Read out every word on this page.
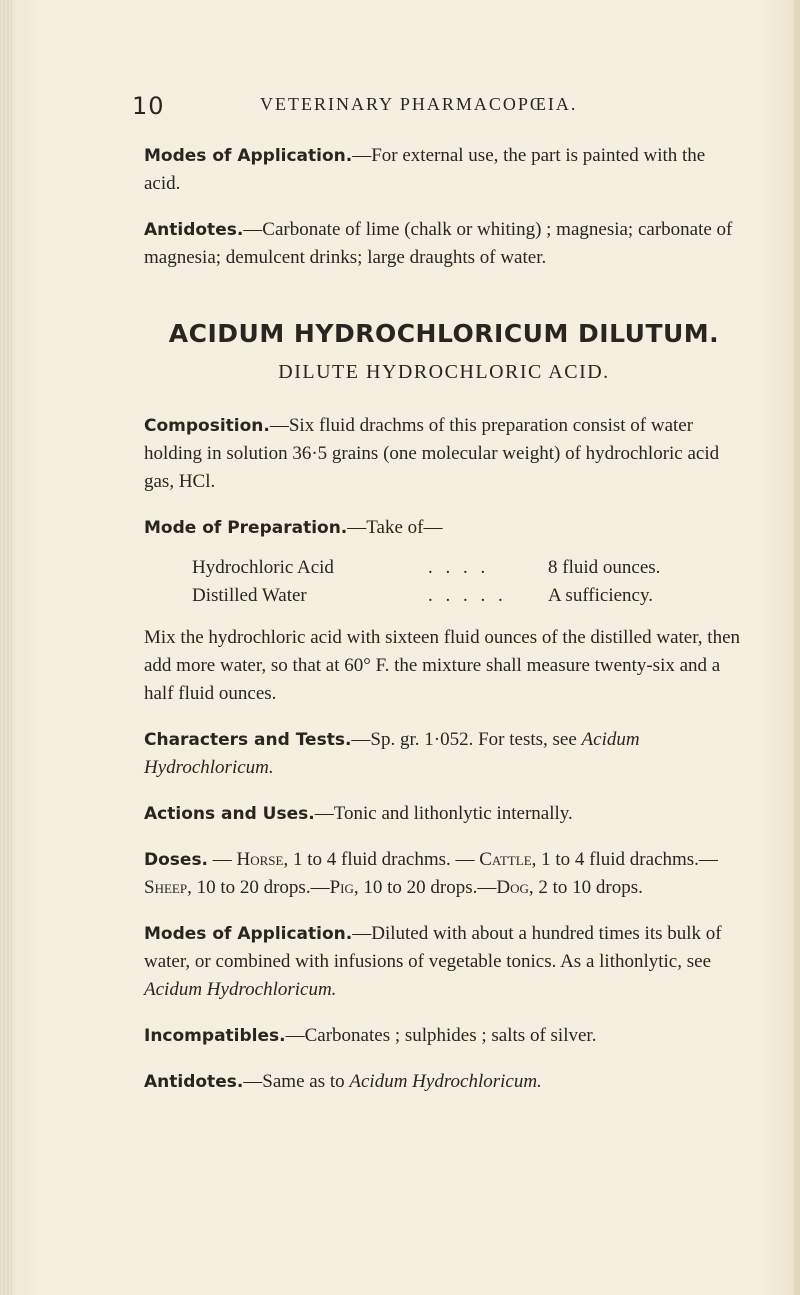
10	VETERINARY PHARMACOPŒIA.

Modes of Application.—For external use, the part is painted with the acid.

Antidotes.—Carbonate of lime (chalk or whiting) ; magnesia; carbonate of magnesia; demulcent drinks; large draughts of water.

ACIDUM HYDROCHLORICUM DILUTUM.
DILUTE HYDROCHLORIC ACID.

Composition.—Six fluid drachms of this preparation consist of water holding in solution 36·5 grains (one molecular weight) of hydrochloric acid gas, HCl.

Mode of Preparation.—Take of—

Hydrochloric Acid	. . . .	8 fluid ounces.
Distilled Water	. . . . .	A sufficiency.

Mix the hydrochloric acid with sixteen fluid ounces of the distilled water, then add more water, so that at 60° F. the mixture shall measure twenty-six and a half fluid ounces.

Characters and Tests.—Sp. gr. 1·052. For tests, see Acidum Hydrochloricum.

Actions and Uses.—Tonic and lithonlytic internally.

Doses. — Horse, 1 to 4 fluid drachms. — Cattle, 1 to 4 fluid drachms.—Sheep, 10 to 20 drops.—Pig, 10 to 20 drops.—Dog, 2 to 10 drops.

Modes of Application.—Diluted with about a hundred times its bulk of water, or combined with infusions of vegetable tonics. As a lithonlytic, see Acidum Hydrochloricum.

Incompatibles.—Carbonates ; sulphides ; salts of silver.

Antidotes.—Same as to Acidum Hydrochloricum.
